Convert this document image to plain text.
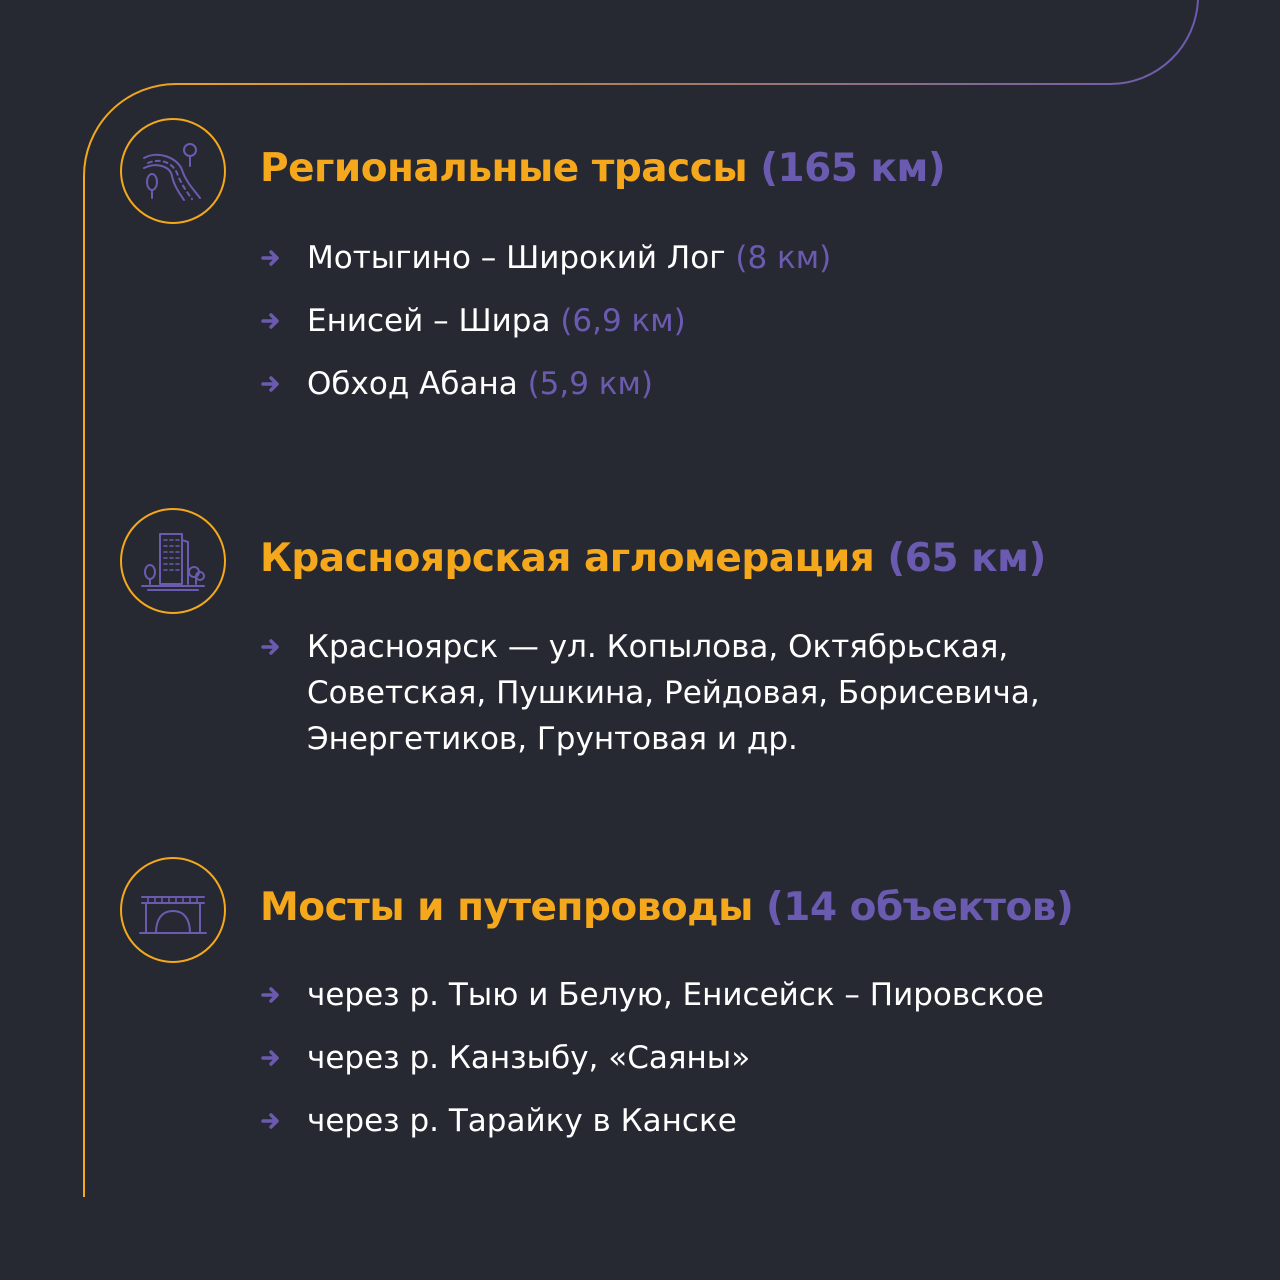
Региональные трассы (165 км)
Мотыгино – Широкий Лог (8 км)
Енисей – Шира (6,9 км)
Обход Абана (5,9 км)
Красноярская агломерация (65 км)
Красноярск — ул. Копылова, Октябрьская,
Советская, Пушкина, Рейдовая, Борисевича,
Энергетиков, Грунтовая и др.
Мосты и путепроводы (14 объектов)
через р. Тыю и Белую, Енисейск – Пировское
через р. Канзыбу, «Саяны»
через р. Тарайку в Канске
